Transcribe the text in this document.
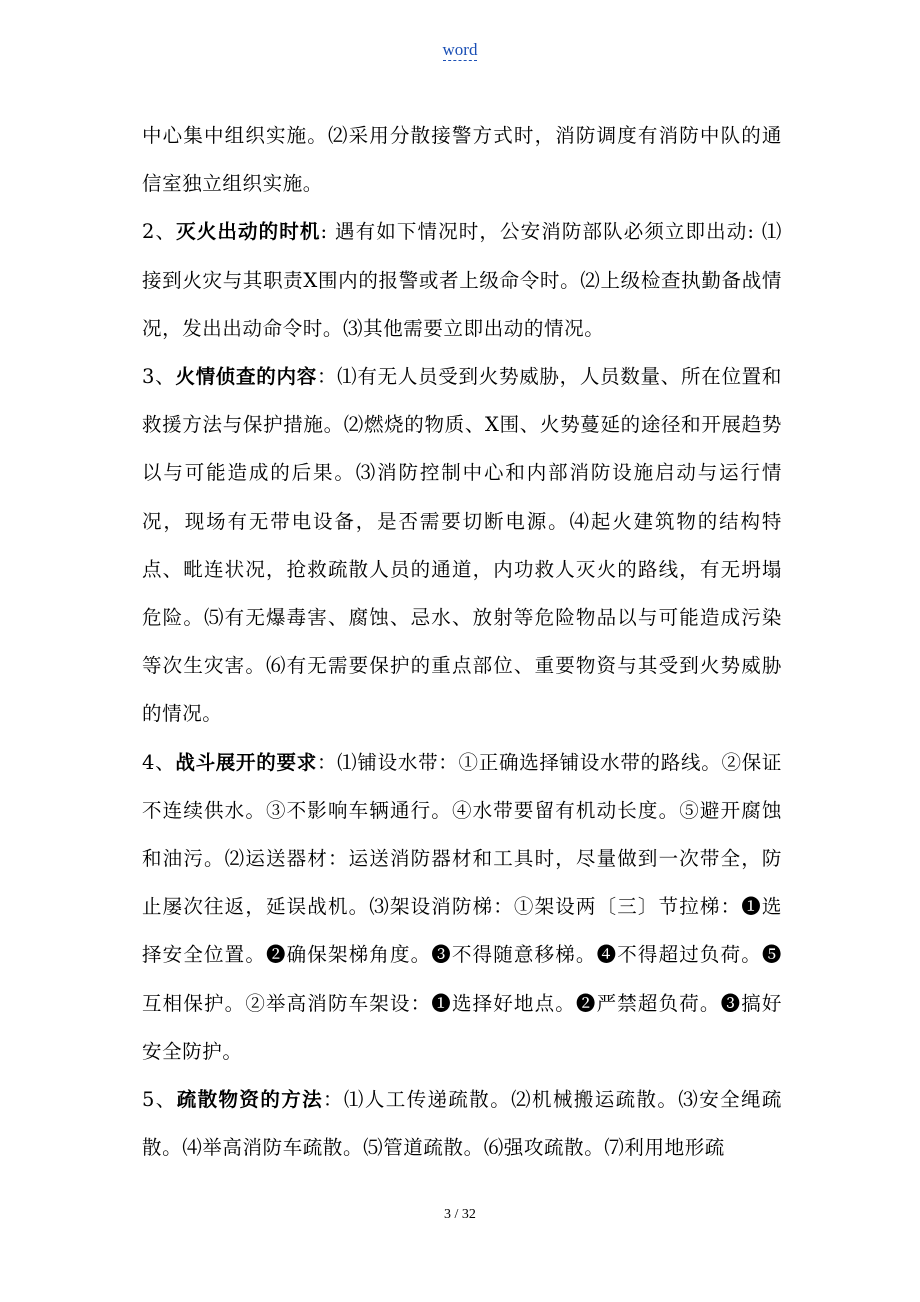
word

中心集中组织实施。⑵采用分散接警方式时，消防调度有消防中队的通信室独立组织实施。

2、灭火出动的时机: 遇有如下情况时，公安消防部队必须立即出动: ⑴接到火灾与其职责X围内的报警或者上级命令时。⑵上级检查执勤备战情况，发出出动命令时。⑶其他需要立即出动的情况。

3、火情侦查的内容：⑴有无人员受到火势威胁，人员数量、所在位置和救援方法与保护措施。⑵燃烧的物质、X围、火势蔓延的途径和开展趋势以与可能造成的后果。⑶消防控制中心和内部消防设施启动与运行情况，现场有无带电设备，是否需要切断电源。⑷起火建筑物的结构特点、毗连状况，抢救疏散人员的通道，内功救人灭火的路线，有无坍塌危险。⑸有无爆毒害、腐蚀、忌水、放射等危险物品以与可能造成污染等次生灾害。⑹有无需要保护的重点部位、重要物资与其受到火势威胁的情况。

4、战斗展开的要求：⑴铺设水带：①正确选择铺设水带的路线。②保证不连续供水。③不影响车辆通行。④水带要留有机动长度。⑤避开腐蚀和油污。⑵运送器材：运送消防器材和工具时，尽量做到一次带全，防止屡次往返，延误战机。⑶架设消防梯：①架设两〔三〕节拉梯：❶选择安全位置。❷确保架梯角度。❸不得随意移梯。❹不得超过负荷。❺互相保护。②举高消防车架设：❶选择好地点。❷严禁超负荷。❸搞好安全防护。

5、疏散物资的方法：⑴人工传递疏散。⑵机械搬运疏散。⑶安全绳疏散。⑷举高消防车疏散。⑸管道疏散。⑹强攻疏散。⑺利用地形疏

3 / 32
